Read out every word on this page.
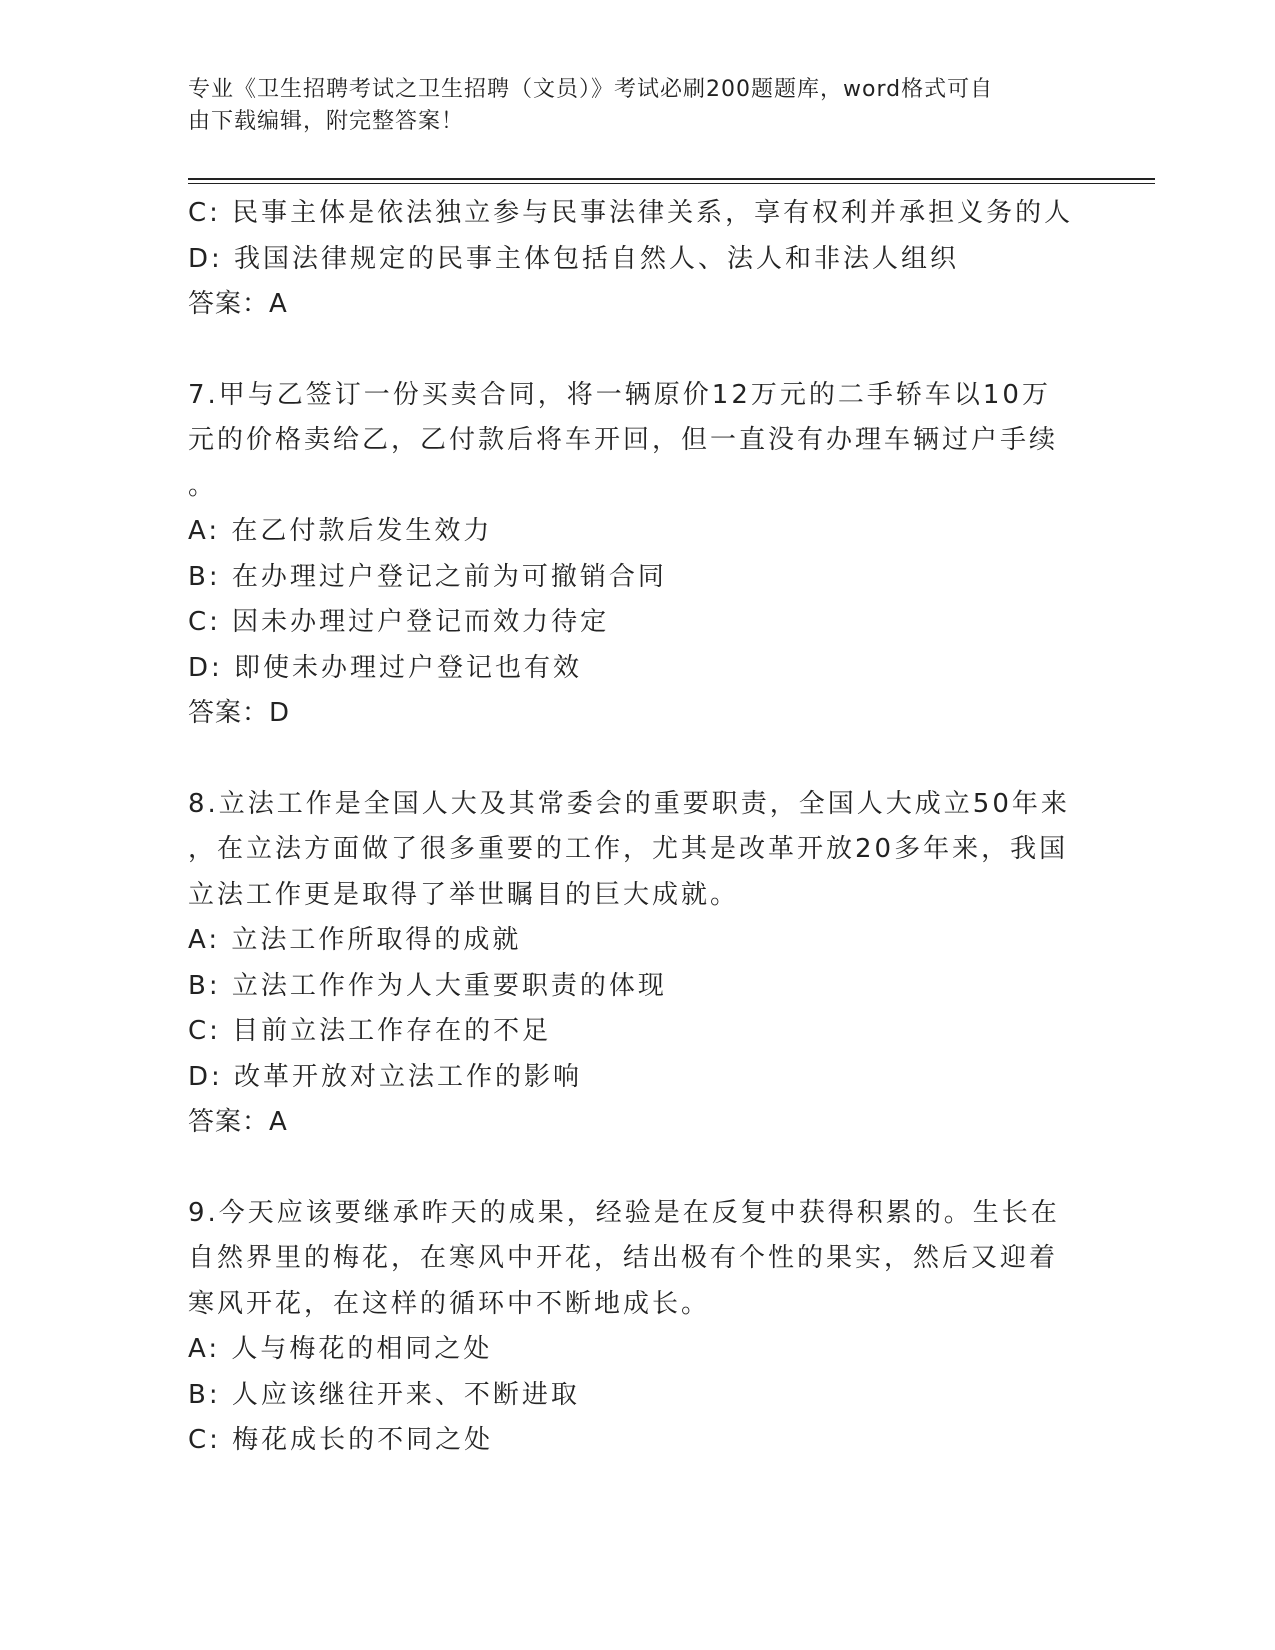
专业《卫生招聘考试之卫生招聘（文员）》考试必刷200题题库，word格式可自
由下载编辑，附完整答案！

C: 民事主体是依法独立参与民事法律关系，享有权利并承担义务的人

D: 我国法律规定的民事主体包括自然人、法人和非法人组织

答案：A

7.甲与乙签订一份买卖合同，将一辆原价12万元的二手轿车以10万

元的价格卖给乙，乙付款后将车开回，但一直没有办理车辆过户手续

。

A: 在乙付款后发生效力

B: 在办理过户登记之前为可撤销合同

C: 因未办理过户登记而效力待定

D: 即使未办理过户登记也有效

答案：D

8.立法工作是全国人大及其常委会的重要职责，全国人大成立50年来

，在立法方面做了很多重要的工作，尤其是改革开放20多年来，我国

立法工作更是取得了举世瞩目的巨大成就。

A: 立法工作所取得的成就

B: 立法工作作为人大重要职责的体现

C: 目前立法工作存在的不足

D: 改革开放对立法工作的影响

答案：A

9.今天应该要继承昨天的成果，经验是在反复中获得积累的。生长在

自然界里的梅花，在寒风中开花，结出极有个性的果实，然后又迎着

寒风开花，在这样的循环中不断地成长。

A: 人与梅花的相同之处

B: 人应该继往开来、不断进取

C: 梅花成长的不同之处
